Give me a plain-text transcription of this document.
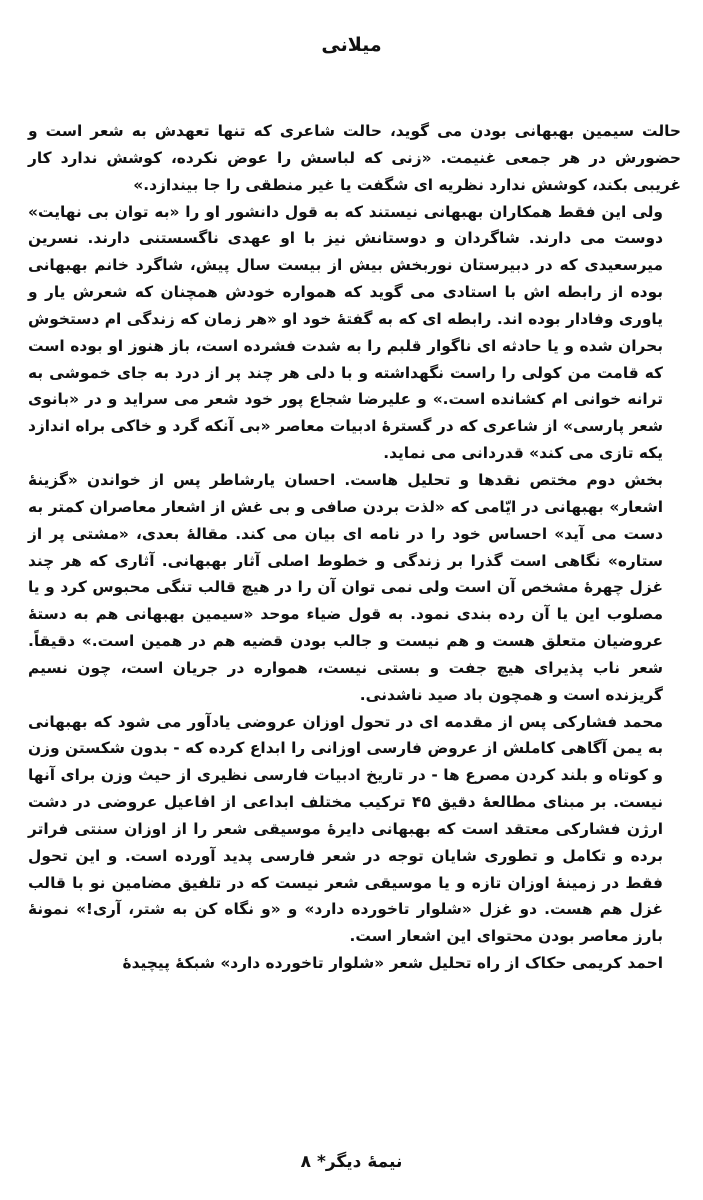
میلانی

حالت سیمین بهبهانی بودن می گوید، حالت شاعری که تنها تعهدش به شعر است و حضورش در هر جمعی غنیمت. «زنی که لباسش را عوض نکرده، کوشش ندارد کار غریبی بکند، کوشش ندارد نظریه ای شگفت یا غیر منطقی را جا بیندازد.»

ولی این فقط همکاران بهبهانی نیستند که به قول دانشور او را «به توان بی نهایت» دوست می دارند. شاگردان و دوستانش نیز با او عهدی ناگسستنی دارند. نسرین میرسعیدی که در دبیرستان نوربخش بیش از بیست سال پیش، شاگرد خانم بهبهانی بوده از رابطه اش با استادی می گوید که همواره خودش همچنان که شعرش یار و یاوری وفادار بوده اند. رابطه ای که به گفتهٔ خود او «هر زمان که زندگی ام دستخوش بحران شده و یا حادثه ای ناگوار قلبم را به شدت فشرده است، باز هنوز او بوده است که قامت من کولی را راست نگهداشته و با دلی هر چند پر از درد به جای خموشی به ترانه خوانی ام کشانده است.» و علیرضا شجاع پور خود شعر می سراید و در «بانوی شعر پارسی» از شاعری که در گسترهٔ ادبیات معاصر «بی آنکه گرد و خاکی براه اندازد یکه تازی می کند» قدردانی می نماید.

بخش دوم مختص نقدها و تحلیل هاست. احسان یارشاطر پس از خواندن «گزینهٔ اشعار» بهبهانی در ایّامی که «لذت بردن صافی و بی غش از اشعار معاصران کمتر به دست می آید» احساس خود را در نامه ای بیان می کند. مقالهٔ بعدی، «مشتی پر از ستاره» نگاهی است گذرا بر زندگی و خطوط اصلی آثار بهبهانی. آثاری که هر چند غزل چهرهٔ مشخص آن است ولی نمی توان آن را در هیچ قالب تنگی محبوس کرد و یا مصلوب این یا آن رده بندی نمود. به قول ضیاء موحد «سیمین بهبهانی هم به دستهٔ عروضیان متعلق هست و هم نیست و جالب بودن قضیه هم در همین است.» دقیقاً. شعر ناب پذیرای هیچ جفت و بستی نیست، همواره در جریان است، چون نسیم گریزنده است و همچون باد صید ناشدنی.

محمد فشارکی پس از مقدمه ای در تحول اوزان عروضی یادآور می شود که بهبهانی به یمن آگاهی کاملش از عروض فارسی اوزانی را ابداع کرده که - بدون شکستن وزن و کوتاه و بلند کردن مصرع ها - در تاریخ ادبیات فارسی نظیری از حیث وزن برای آنها نیست. بر مبنای مطالعهٔ دقیق ۴۵ ترکیب مختلف ابداعی از افاعیل عروضی در دشت ارژن فشارکی معتقد است که بهبهانی دایرهٔ موسیقی شعر را از اوزان سنتی فراتر برده و تکامل و تطوری شایان توجه در شعر فارسی پدید آورده است. و این تحول فقط در زمینهٔ اوزان تازه و یا موسیقی شعر نیست که در تلفیق مضامین نو با قالب غزل هم هست. دو غزل «شلوار تاخورده دارد» و «و نگاه کن به شتر، آری!» نمونهٔ بارز معاصر بودن محتوای این اشعار است.

احمد کریمی حکاک از راه تحلیل شعر «شلوار تاخورده دارد» شبکهٔ پیچیدهٔ

نیمهٔ دیگر* ۸
